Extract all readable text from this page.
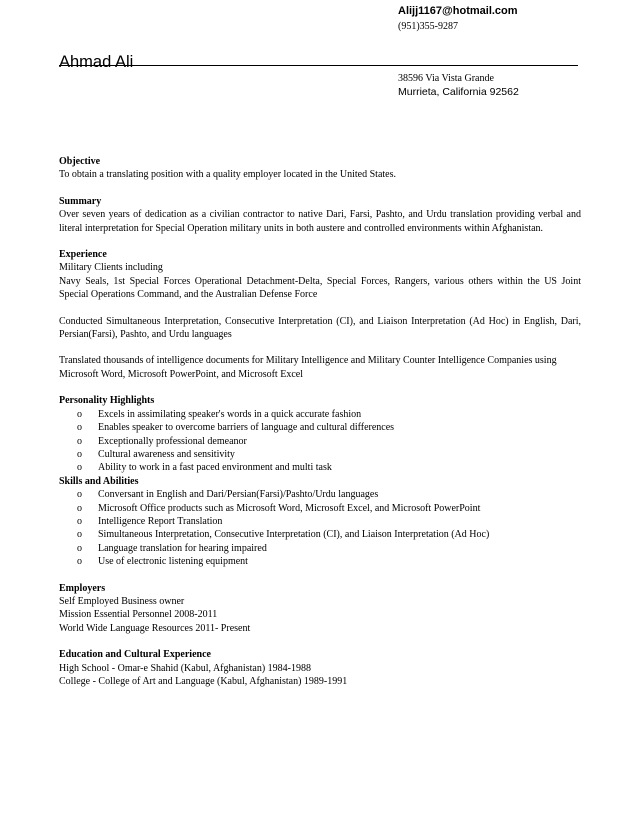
Alijj1167@hotmail.com
(951)355-9287
Ahmad Ali
38596 Via Vista Grande
Murrieta, California 92562

Objective

To obtain a translating position with a quality employer located in the United States.

Summary

Over seven years of dedication as a civilian contractor to native Dari, Farsi, Pashto, and Urdu translation providing verbal and literal interpretation for Special Operation military units in both austere and controlled environments within Afghanistan.

Experience

Military Clients including

Navy Seals, 1st Special Forces Operational Detachment-Delta, Special Forces, Rangers, various others within the US Joint Special Operations Command, and the Australian Defense Force

Conducted Simultaneous Interpretation, Consecutive Interpretation (CI), and Liaison Interpretation (Ad Hoc) in English, Dari, Persian(Farsi), Pashto, and Urdu languages

Translated thousands of intelligence documents for Military Intelligence and Military Counter Intelligence Companies using Microsoft Word, Microsoft PowerPoint, and Microsoft Excel

Personality Highlights

o Excels in assimilating speaker's words in a quick accurate fashion
o Enables speaker to overcome barriers of language and cultural differences
o Exceptionally professional demeanor
o Cultural awareness and sensitivity
o Ability to work in a fast paced environment and multi task

Skills and Abilities

o Conversant in English and Dari/Persian(Farsi)/Pashto/Urdu languages
o Microsoft Office products such as Microsoft Word, Microsoft Excel, and Microsoft PowerPoint
o Intelligence Report Translation
o Simultaneous Interpretation, Consecutive Interpretation (CI), and Liaison Interpretation (Ad Hoc)
o Language translation for hearing impaired
o Use of electronic listening equipment

Employers

Self Employed Business owner

Mission Essential Personnel 2008-2011

World Wide Language Resources 2011- Present

Education and Cultural Experience

High School - Omar-e Shahid (Kabul, Afghanistan) 1984-1988

College - College of Art and Language (Kabul, Afghanistan) 1989-1991
